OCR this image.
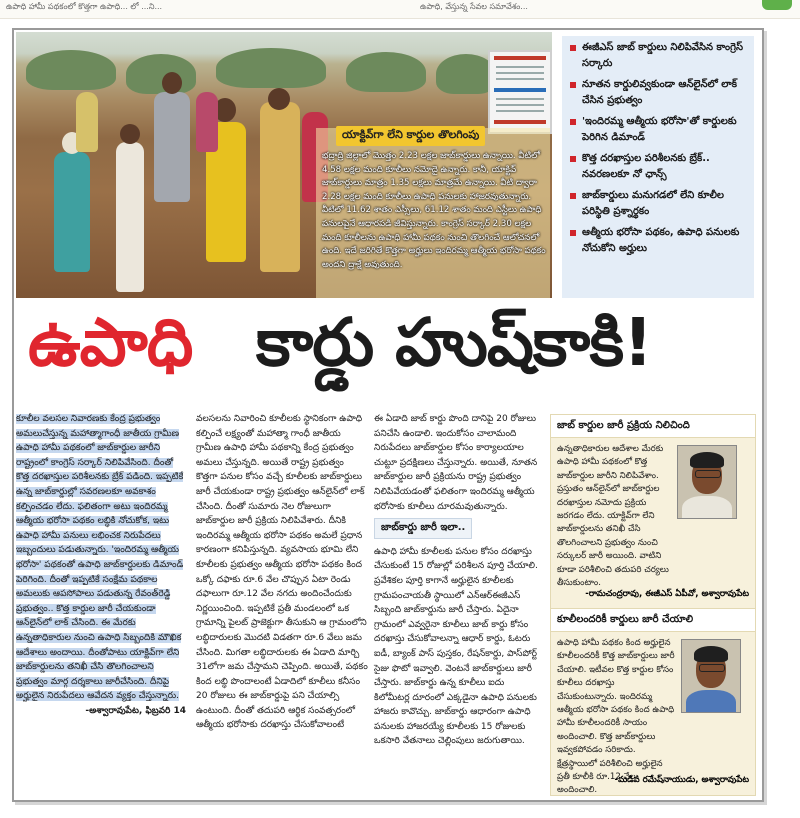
ఉపాధి హామీ పథకంలో కొత్తగా ఉపాధి... లో ...ని...	ఉపాధి, వేస్తున్న సేవల సమావేశం...
యాక్టివ్‌గా లేని కార్డుల తొలగింపు
భద్రాద్రి జిల్లాలో మొత్తం 2.23 లక్షల జాబ్‌కార్డులు ఉన్నాయి. వీటిలో 4.58 లక్షల మంది కూలీలు నమోదై ఉన్నారు. కానీ, యాక్టివ్ జాబ్‌కార్డులు మాత్రం 1.35 లక్షలు మాత్రమే ఉన్నాయి. వీటి ద్వారా 2.28 లక్షల మంది కూలీలు ఉపాధి పనులకు హాజరవుతున్నారు. వీటిలో 11.62 శాతం ఎస్సీలు, 61.12 శాతం మంది ఎస్టీలు ఉపాధి పనులపైనే ఆధారపడి జీవిస్తున్నారు. కాంగ్రెస్ సర్కార్ 2.30 లక్షల మంది కూలీలను ఉపాధి హామీ పథకం నుంచి తొలగించే ఆలోచనలో ఉంది. ఇదే జరిగితే కొత్తగా అర్హులు ఇందిరమ్మ ఆత్మీయ భరోసా పథకం అందని ద్రాక్షే అవుతుంది.
ఈజీఎస్ జాబ్ కార్డులు నిలిపివేసిన కాంగ్రెస్ సర్కారు
నూతన కార్డులివ్వకుండా ఆన్‌లైన్‌లో లాక్ చేసిన ప్రభుత్వం
'ఇందిరమ్మ ఆత్మీయ భరోసా'తో కార్డులకు పెరిగిన డిమాండ్
కొత్త దరఖాస్తుల పరిశీలనకు బ్రేక్.. నవరణలకూ నో ఛాన్స్
జాబ్‌కార్డులు మనుగడలో లేని కూలీల పరిస్థితి ప్రశ్నార్థకం
ఆత్మీయ భరోసా పథకం, ఉపాధి పనులకు నోచుకోని అర్హులు
ఉపాధి కార్డు హుష్‌కాకి!
కూలీల వలసల నివారణకు కేంద్ర ప్రభుత్వం అమలుచేస్తున్న మహాత్మాగాంధీ జాతీయ గ్రామీణ ఉపాధి హామీ పథకంలో జాబ్‌కార్డుల జారీని రాష్ట్రంలో కాంగ్రెస్ సర్కార్ నిలిపివేసింది. దీంతో కొత్త దరఖాస్తుల పరిశీలనకు బ్రేక్ పడింది. ఇప్పటికే ఉన్న జాబ్‌కార్డుల్లో సవరణలకూ అవకాశం కల్పించడం లేదు. ఫలితంగా అటు ఇందిరమ్మ ఆత్మీయ భరోసా పథకం లబ్ధికి నోచుకోక, ఇటు ఉపాధి హామీ పనులు లభించక నిరుపేదలు ఇబ్బందులు పడుతున్నారు. 'ఇందిరమ్మ ఆత్మీయ భరోసా' పథకంతో ఉపాధి జాబ్‌కార్డులకు డిమాండ్ పెరిగింది. దీంతో ఇప్పటికే సంక్షేమ పథకాల అమలుకు ఆపసోపాలు పడుతున్న రేవంత్‌రెడ్డి ప్రభుత్వం.. కొత్త కార్డుల జారీ చేయకుండా ఆన్‌లైన్‌లో లాక్ చేసింది. ఈ మేరకు ఉన్నతాధికారుల నుంచి ఉపాధి సిబ్బందికి మౌఖిక ఆదేశాలు అందాయి. దీంతోపాటు యాక్టివ్‌గా లేని జాబ్‌కార్డులను తనిఖీ చేసి తొలగించాలని ప్రభుత్వం మార్గ దర్శకాలు జారీచేసింది. దీనిపై అర్హులైన నిరుపేదలు ఆవేదన వ్యక్తం చేస్తున్నారు.
-అశ్వారావుపేట, ఫిబ్రవరి 14
వలసలను నివారించి కూలీలకు స్థానికంగా ఉపాధి కల్పించే లక్ష్యంతో మహాత్మా గాంధీ జాతీయ గ్రామీణ ఉపాధి హామీ పథకాన్ని కేంద్ర ప్రభుత్వం అమలు చేస్తున్నది. అయితే రాష్ట్ర ప్రభుత్వం కొత్తగా పనుల కోసం వచ్చే కూలీలకు జాబ్‌కార్డులు జారీ చేయకుండా రాష్ట్ర ప్రభుత్వం ఆన్‌లైన్‌లో లాక్ చేసింది. దీంతో సుమారు నెల రోజులుగా జాబ్‌కార్డుల జారీ ప్రక్రియ నిలిపివేశారు. దీనికి ఇందిరమ్మ ఆత్మీయ భరోసా పథకం అమలే ప్రధాన కారణంగా కనిపిస్తున్నది. వ్యవసాయ భూమి లేని కూలీలకు ప్రభుత్వం ఆత్మీయ భరోసా పథకం కింద ఒక్కో దఫాకు రూ.6 వేల చొప్పున ఏటా రెండు దఫాలుగా రూ.12 వేల నగదు అందించేందుకు నిర్ణయించింది. ఇప్పటికే ప్రతీ మండలంలో ఒక గ్రామాన్ని పైలట్ ప్రాజెక్టుగా తీసుకుని ఆ గ్రామంలోని లబ్ధిదారులకు మొదటి విడతగా రూ.6 వేలు జమ చేసింది. మిగతా లబ్ధిదారులకు ఈ ఏడాది మార్చి 31లోగా జమ చేస్తామని చెప్పింది. అయితే, పథకం కింద లబ్ధి పొందాలంటే ఏడాదిలో కూలీలు కనీసం 20 రోజులు ఈ జాబ్‌కార్డుపై పని చేయాల్సి ఉంటుంది. దీంతో తదుపరి ఆర్థిక సంవత్సరంలో ఆత్మీయ భరోసాకు దరఖాస్తు చేసుకోవాలంటే
ఈ ఏడాది జాబ్ కార్డు పొంది దానిపై 20 రోజులు పనిచేసి ఉండాలి. ఇందుకోసం చాలామంది నిరుపేదలు జాబ్‌కార్డుల కోసం కార్యాలయాల చుట్టూ ప్రదక్షిణలు చేస్తున్నారు. అయితే, నూతన జాబ్‌కార్డుల జారీ ప్రక్రియను రాష్ట్ర ప్రభుత్వం నిలిపివేయడంతో ఫలితంగా ఇందిరమ్మ ఆత్మీయ భరోసాకు కూలీలు దూరమవుతున్నారు.
జాబ్‌కార్డు జారీ ఇలా..
ఉపాధి హామీ కూలీలకు పనుల కోసం దరఖాస్తు చేసుకుంటే 15 రోజుల్లో పరిశీలన పూర్తి చేయాలి. ప్రవేశికల పూర్తి కాగానే అర్హులైన కూలీలకు గ్రామపంచాయతీ స్థాయిలో ఎన్‌ఆర్‌ఈజీఎస్ సిబ్బంది జాబ్‌కార్డును జారీ చేస్తారు. ఏదైనా గ్రామంలో ఎవ్వరైనా కూలీలు జాబ్ కార్డు కోసం దరఖాస్తు చేసుకోవాలన్నా ఆధార్ కార్డు, ఓటరు ఐడీ, బ్యాంక్ పాస్ పుస్తకం, రేషన్‌కార్డు, పాస్‌పోర్ట్ సైజు ఫొటో ఇవ్వాలి. వెంటనే జాబ్‌కార్డులు జారీ చేస్తారు. జాబ్‌కార్డు ఉన్న కూలీలు ఐదు కిలోమీటర్ల దూరంలో ఎక్కడైనా ఉపాధి పనులకు హాజరు కావొచ్చు. జాబ్‌కార్డు ఆధారంగా ఉపాధి పనులకు హాజరయ్యే కూలీలకు 15 రోజులకు ఒకసారి వేతనాలు చెల్లింపులు జరుగుతాయి.
జాబ్ కార్డుల జారీ ప్రక్రియ నిలిచింది
ఉన్నతాధికారుల ఆదేశాల మేరకు ఉపాధి హామీ పథకంలో కొత్త జాబ్‌కార్డుల జారీని నిలిపివేశాం. ప్రస్తుతం ఆన్‌లైన్‌లో జాబ్‌కార్డుల దరఖాస్తుల నమోదు ప్రక్రియ జరగడం లేదు. యాక్టివ్‌గా లేని జాబ్‌కార్డులను తనిఖీ చేసి తొలగించాలని ప్రభుత్వం నుంచి సర్కులర్ జారీ అయింది. వాటిని కూడా పరిశీలించి తదుపరి చర్యలు తీసుకుంటాం.
-రామచంద్రరావు, ఈజీఎస్ ఏపీవో, అశ్వారావుపేట
కూలీలందరికీ కార్డులు జారీ చేయాలి
ఉపాధి హామీ పథకం కింద అర్హులైన కూలీలందరికీ కొత్త జాబ్‌కార్డులు జారీ చేయాలి. ఇటీవల కొత్త కార్డుల కోసం కూలీలు దరఖాస్తు చేసుకుంటున్నారు. ఇందిరమ్మ ఆత్మీయ భరోసా పథకం కింద ఉపాధి హామీ కూలీలందరికీ సాయం అందించాలి. కొత్త జాబ్‌కార్డులు ఇవ్వకపోవడం సరికాదు. క్షేత్రస్థాయిలో పరిశీలించి అర్హులైన ప్రతీ కూలీకి రూ.12 వేలు అందించాలి.
-మడిప రమేష్‌నాయుడు, అశ్వారావుపేట
